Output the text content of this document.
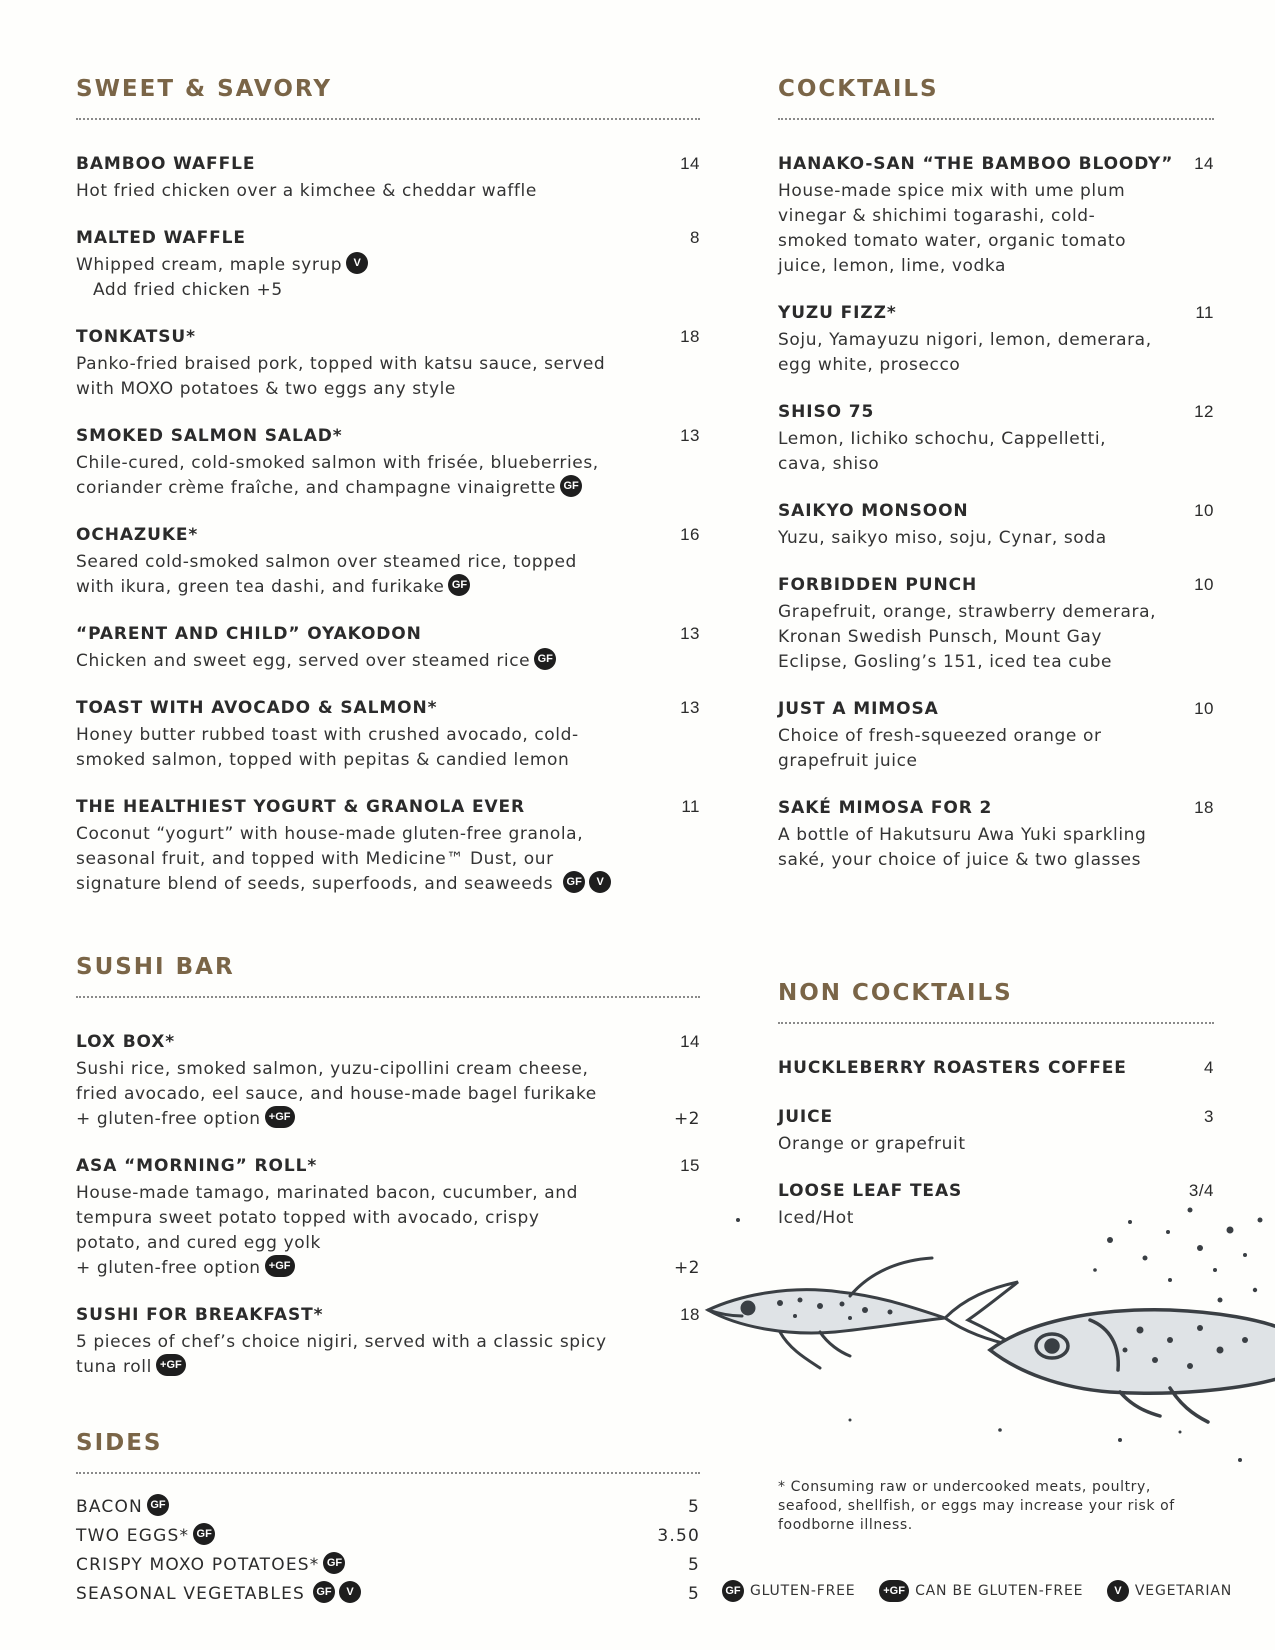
SWEET & SAVORY
BAMBOO WAFFLE	14
Hot fried chicken over a kimchee & cheddar waffle
MALTED WAFFLE	8
Whipped cream, maple syrup V
Add fried chicken +5
TONKATSU*	18
Panko-fried braised pork, topped with katsu sauce, served
with MOXO potatoes & two eggs any style
SMOKED SALMON SALAD*	13
Chile-cured, cold-smoked salmon with frisée, blueberries,
coriander crème fraîche, and champagne vinaigrette GF
OCHAZUKE*	16
Seared cold-smoked salmon over steamed rice, topped
with ikura, green tea dashi, and furikake GF
“PARENT AND CHILD” OYAKODON	13
Chicken and sweet egg, served over steamed rice GF
TOAST WITH AVOCADO & SALMON*	13
Honey butter rubbed toast with crushed avocado, cold-
smoked salmon, topped with pepitas & candied lemon
THE HEALTHIEST YOGURT & GRANOLA EVER	11
Coconut “yogurt” with house-made gluten-free granola,
seasonal fruit, and topped with Medicine™ Dust, our
signature blend of seeds, superfoods, and seaweeds GF V
SUSHI BAR
LOX BOX*	14
Sushi rice, smoked salmon, yuzu-cipollini cream cheese,
fried avocado, eel sauce, and house-made bagel furikake
+ gluten-free option +GF	+2
ASA “MORNING” ROLL*	15
House-made tamago, marinated bacon, cucumber, and
tempura sweet potato topped with avocado, crispy
potato, and cured egg yolk
+ gluten-free option +GF	+2
SUSHI FOR BREAKFAST*	18
5 pieces of chef’s choice nigiri, served with a classic spicy
tuna roll +GF
SIDES
BACON GF	5
TWO EGGS* GF	3.50
CRISPY MOXO POTATOES* GF	5
SEASONAL VEGETABLES GF V	5
COCKTAILS
HANAKO-SAN “THE BAMBOO BLOODY” 14
House-made spice mix with ume plum
vinegar & shichimi togarashi, cold-
smoked tomato water, organic tomato
juice, lemon, lime, vodka
YUZU FIZZ*	11
Soju, Yamayuzu nigori, lemon, demerara,
egg white, prosecco
SHISO 75	12
Lemon, Iichiko schochu, Cappelletti,
cava, shiso
SAIKYO MONSOON	10
Yuzu, saikyo miso, soju, Cynar, soda
FORBIDDEN PUNCH	10
Grapefruit, orange, strawberry demerara,
Kronan Swedish Punsch, Mount Gay
Eclipse, Gosling’s 151, iced tea cube
JUST A MIMOSA	10
Choice of fresh-squeezed orange or
grapefruit juice
SAKÉ MIMOSA FOR 2	18
A bottle of Hakutsuru Awa Yuki sparkling
saké, your choice of juice & two glasses
NON COCKTAILS
HUCKLEBERRY ROASTERS COFFEE	4
JUICE	3
Orange or grapefruit
LOOSE LEAF TEAS	3/4
Iced/Hot
* Consuming raw or undercooked meats, poultry, seafood, shellfish, or eggs may increase your risk of foodborne illness.
GF GLUTEN-FREE	+GF CAN BE GLUTEN-FREE	V VEGETARIAN
